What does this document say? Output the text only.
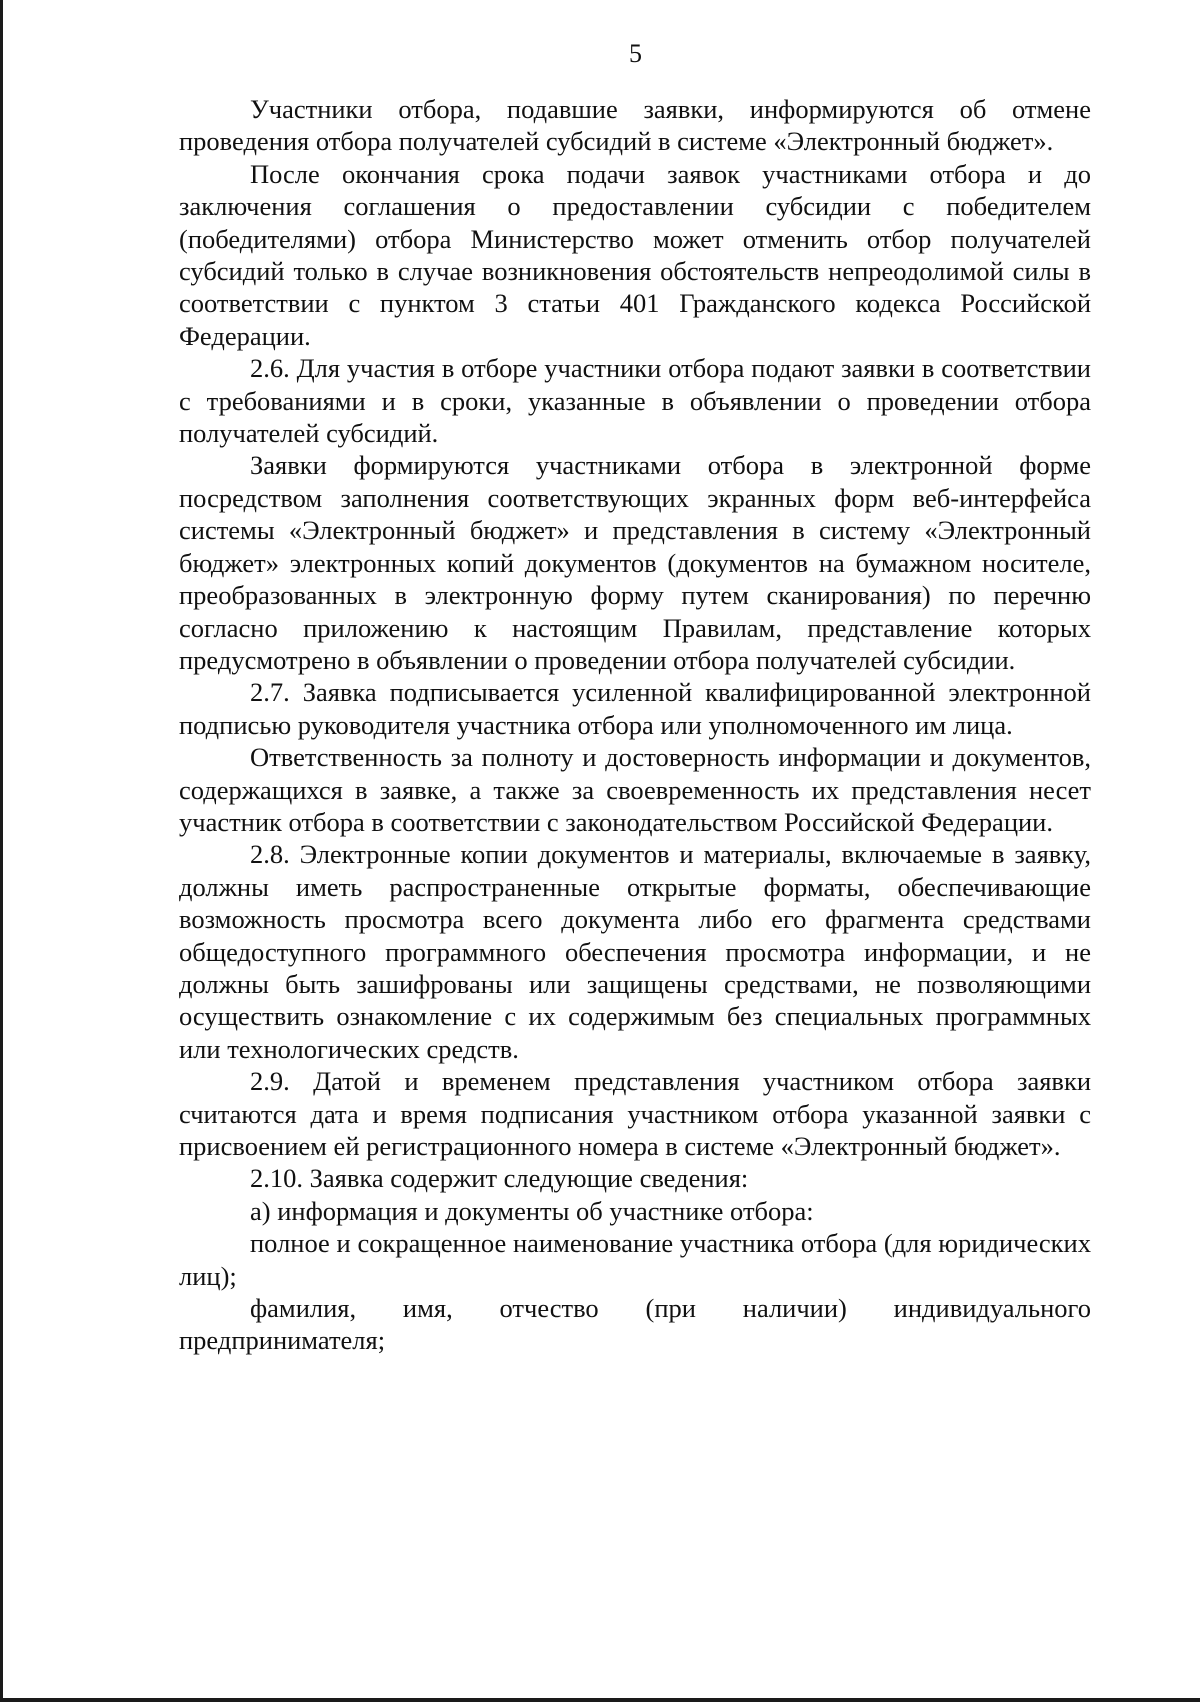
5

Участники отбора, подавшие заявки, информируются об отмене проведения отбора получателей субсидий в системе «Электронный бюджет».

После окончания срока подачи заявок участниками отбора и до заключения соглашения о предоставлении субсидии с победителем (победителями) отбора Министерство может отменить отбор получателей субсидий только в случае возникновения обстоятельств непреодолимой силы в соответствии с пунктом 3 статьи 401 Гражданского кодекса Российской Федерации.

2.6. Для участия в отборе участники отбора подают заявки в соответствии с требованиями и в сроки, указанные в объявлении о проведении отбора получателей субсидий.

Заявки формируются участниками отбора в электронной форме посредством заполнения соответствующих экранных форм веб-интерфейса системы «Электронный бюджет» и представления в систему «Электронный бюджет» электронных копий документов (документов на бумажном носителе, преобразованных в электронную форму путем сканирования) по перечню согласно приложению к настоящим Правилам, представление которых предусмотрено в объявлении о проведении отбора получателей субсидии.

2.7. Заявка подписывается усиленной квалифицированной электронной подписью руководителя участника отбора или уполномоченного им лица.

Ответственность за полноту и достоверность информации и документов, содержащихся в заявке, а также за своевременность их представления несет участник отбора в соответствии с законодательством Российской Федерации.

2.8. Электронные копии документов и материалы, включаемые в заявку, должны иметь распространенные открытые форматы, обеспечивающие возможность просмотра всего документа либо его фрагмента средствами общедоступного программного обеспечения просмотра информации, и не должны быть зашифрованы или защищены средствами, не позволяющими осуществить ознакомление с их содержимым без специальных программных или технологических средств.

2.9. Датой и временем представления участником отбора заявки считаются дата и время подписания участником отбора указанной заявки с присвоением ей регистрационного номера в системе «Электронный бюджет».

2.10. Заявка содержит следующие сведения:

а) информация и документы об участнике отбора:

полное и сокращенное наименование участника отбора (для юридических лиц);

фамилия, имя, отчество (при наличии) индивидуального предпринимателя;
